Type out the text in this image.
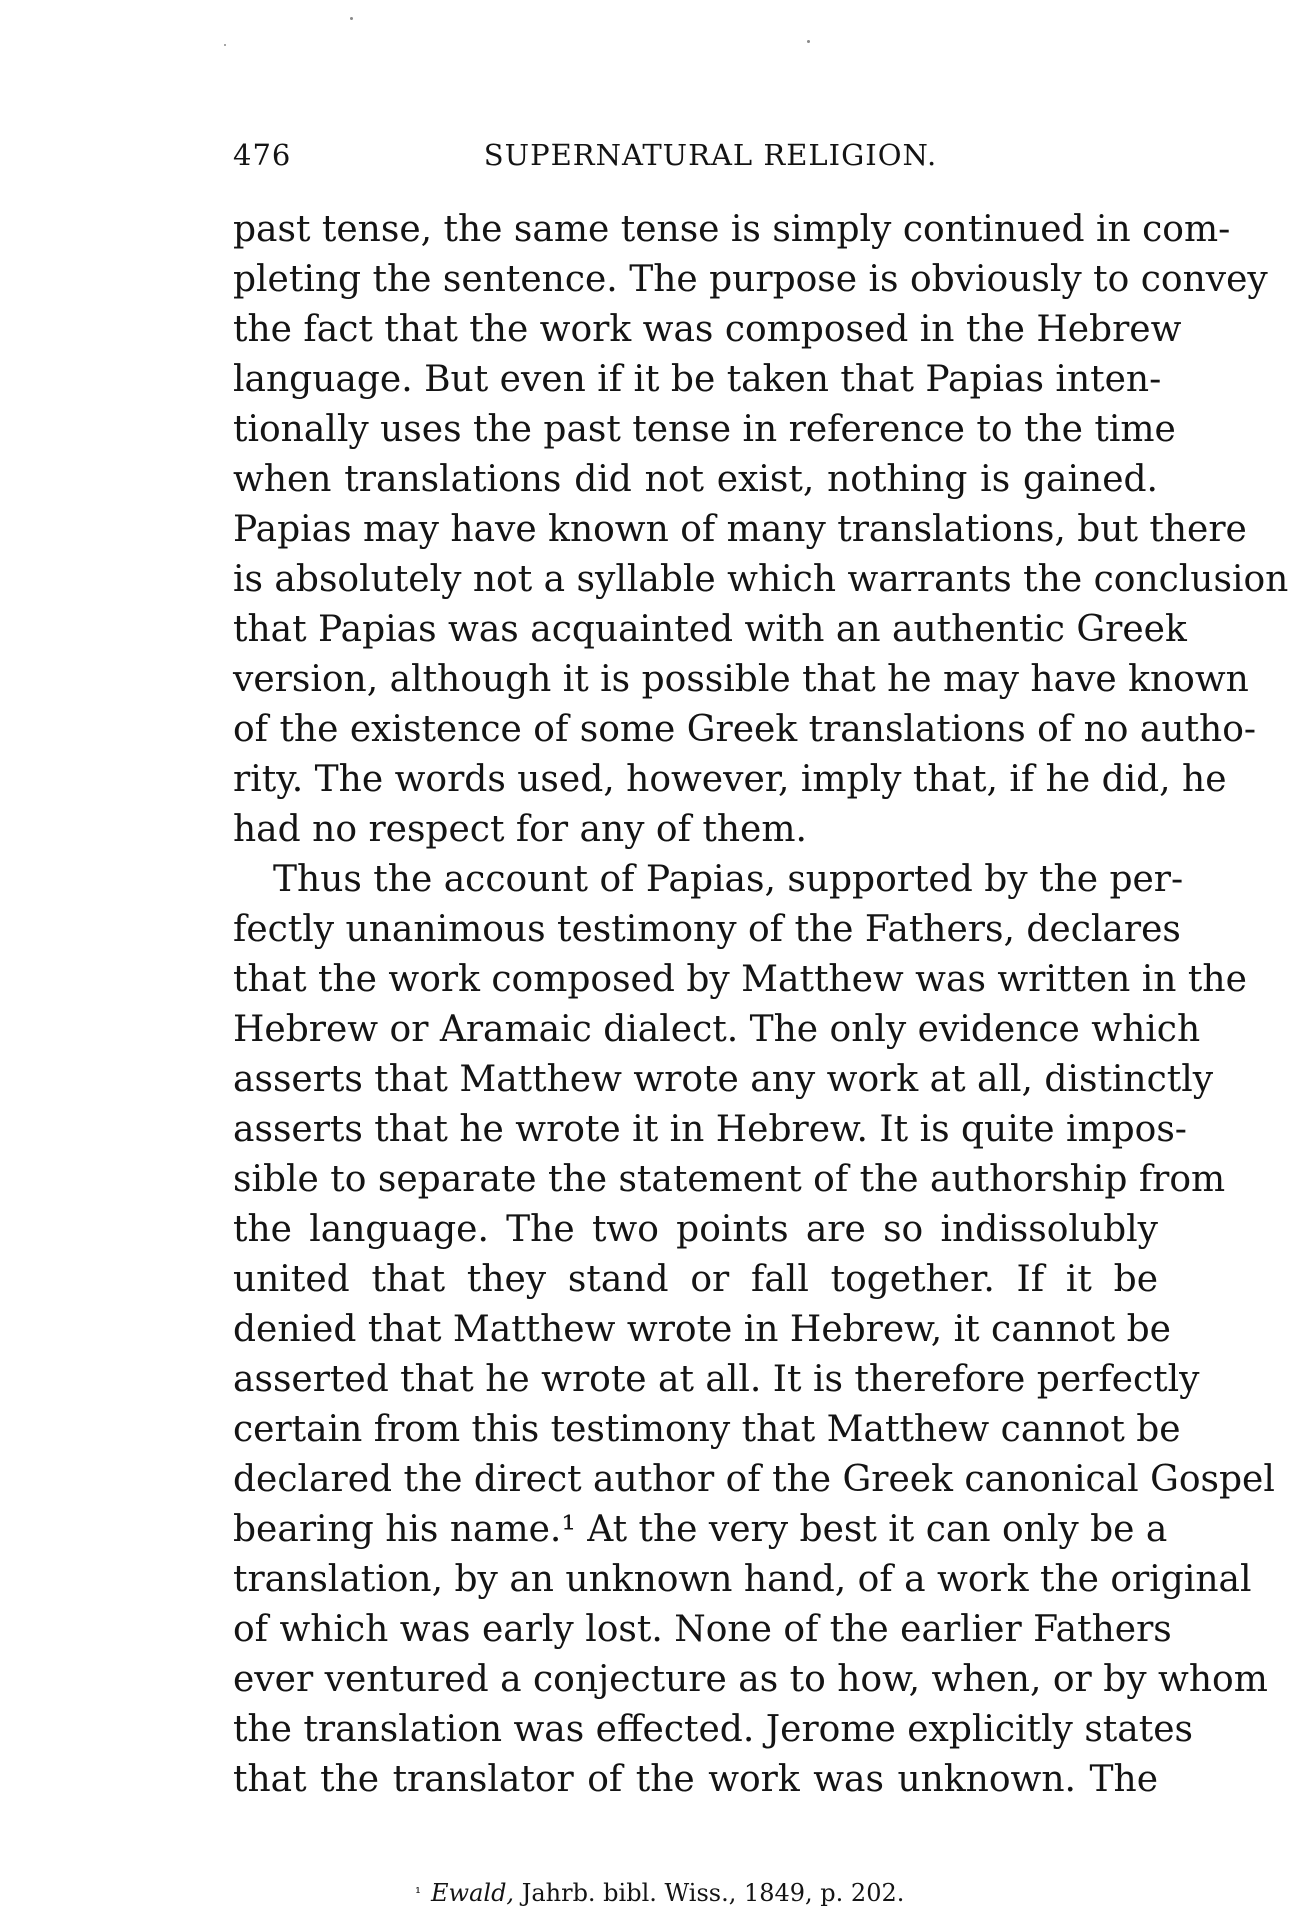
476	SUPERNATURAL RELIGION.
past tense, the same tense is simply continued in com-
pleting the sentence. The purpose is obviously to convey
the fact that the work was composed in the Hebrew
language. But even if it be taken that Papias inten-
tionally uses the past tense in reference to the time
when translations did not exist, nothing is gained.
Papias may have known of many translations, but there
is absolutely not a syllable which warrants the conclusion
that Papias was acquainted with an authentic Greek
version, although it is possible that he may have known
of the existence of some Greek translations of no autho-
rity. The words used, however, imply that, if he did, he
had no respect for any of them.
Thus the account of Papias, supported by the per-
fectly unanimous testimony of the Fathers, declares
that the work composed by Matthew was written in the
Hebrew or Aramaic dialect. The only evidence which
asserts that Matthew wrote any work at all, distinctly
asserts that he wrote it in Hebrew. It is quite impos-
sible to separate the statement of the authorship from
the language. The two points are so indissolubly
united that they stand or fall together. If it be
denied that Matthew wrote in Hebrew, it cannot be
asserted that he wrote at all. It is therefore perfectly
certain from this testimony that Matthew cannot be
declared the direct author of the Greek canonical Gospel
bearing his name.¹ At the very best it can only be a
translation, by an unknown hand, of a work the original
of which was early lost. None of the earlier Fathers
ever ventured a conjecture as to how, when, or by whom
the translation was effected. Jerome explicitly states
that the translator of the work was unknown. The
$^{^1}$ Ewald, Jahrb. bibl. Wiss., 1849, p. 202.
